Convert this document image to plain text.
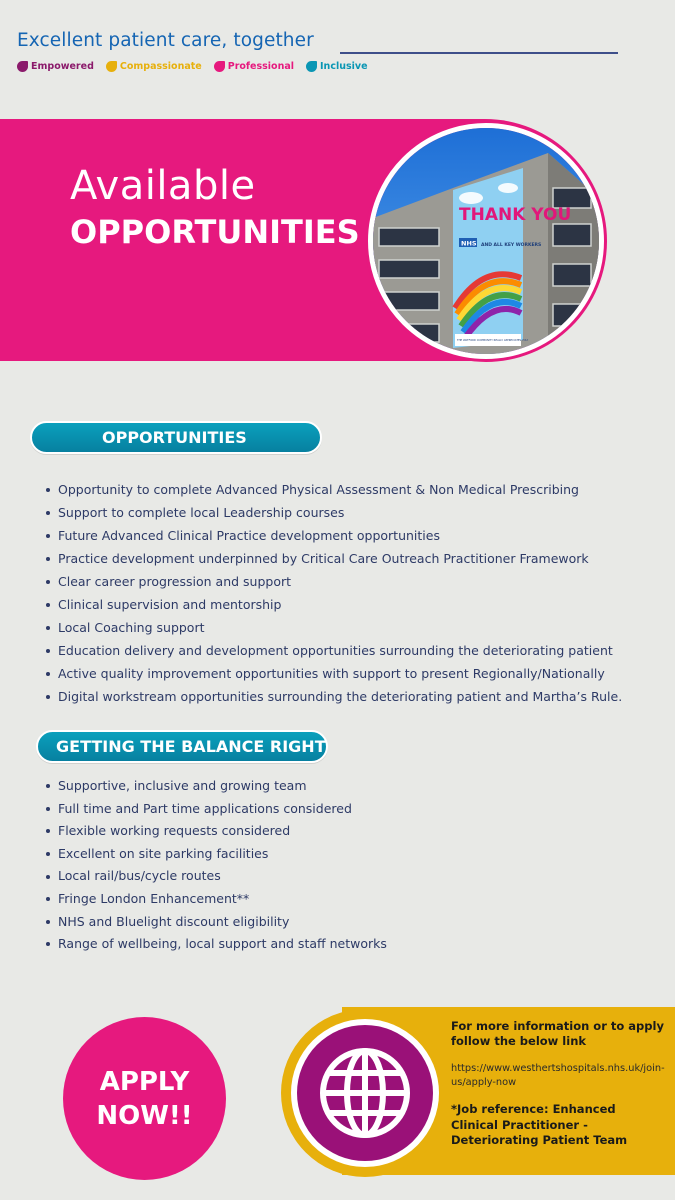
Excellent patient care, together
Empowered	Compassionate	Professional	Inclusive
Available
OPPORTUNITIES	THANK YOU
NHS AND ALL KEY WORKERS
THE WATFORD COMMUNITY REALLY APPRECIATES YOU!
OPPORTUNITIES
Opportunity to complete Advanced Physical Assessment & Non Medical Prescribing
Support to complete local Leadership courses
Future Advanced Clinical Practice development opportunities
Practice development underpinned by Critical Care Outreach Practitioner Framework
Clear career progression and support
Clinical supervision and mentorship
Local Coaching support
Education delivery and development opportunities surrounding the deteriorating patient
Active quality improvement opportunities with support to present Regionally/Nationally
Digital workstream opportunities surrounding the deteriorating patient and Martha’s Rule.
GETTING THE BALANCE RIGHT
Supportive, inclusive and growing team
Full time and Part time applications considered
Flexible working requests considered
Excellent on site parking facilities
Local rail/bus/cycle routes
Fringe London Enhancement**
NHS and Bluelight discount eligibility
Range of wellbeing, local support and staff networks
APPLY
NOW!!
For more information or to apply follow the below link
https://www.westhertshospitals.nhs.uk/join-us/apply-now
*Job reference: Enhanced Clinical Practitioner - Deteriorating Patient Team
